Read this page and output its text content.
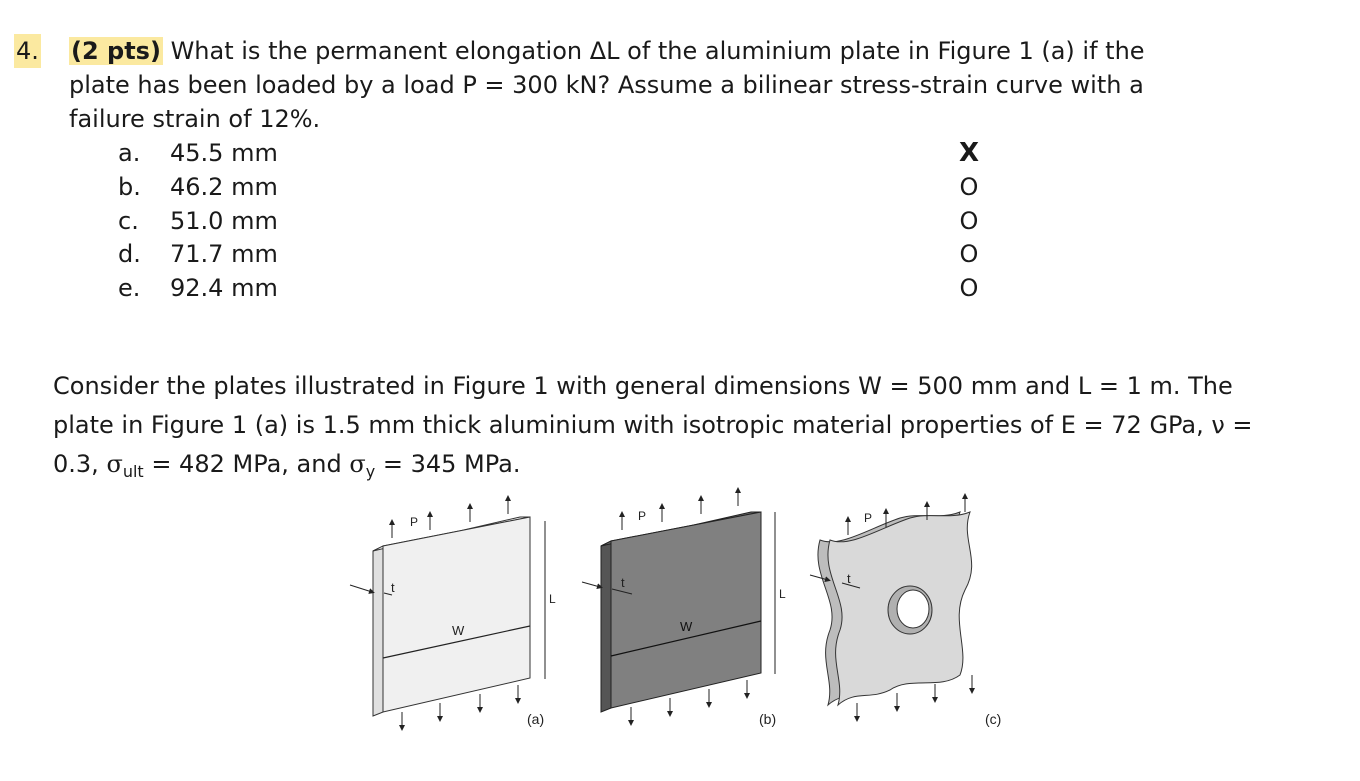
4. (2 pts) What is the permanent elongation ΔL of the aluminium plate in Figure 1 (a) if the
plate has been loaded by a load P = 300 kN? Assume a bilinear stress-strain curve with a
failure strain of 12%.
a. 45.5 mm	X
b. 46.2 mm	O
c. 51.0 mm	O
d. 71.7 mm	O
e. 92.4 mm	O
Consider the plates illustrated in Figure 1 with general dimensions W = 500 mm and L = 1 m. The
plate in Figure 1 (a) is 1.5 mm thick aluminium with isotropic material properties of E = 72 GPa, ν =
0.3, $\sigma_{ult} = 482$ MPa, and $\sigma_y = 345$ MPa.
P
t
L
W
(a)
P
t
L
W
(b)
P
t
(c)
